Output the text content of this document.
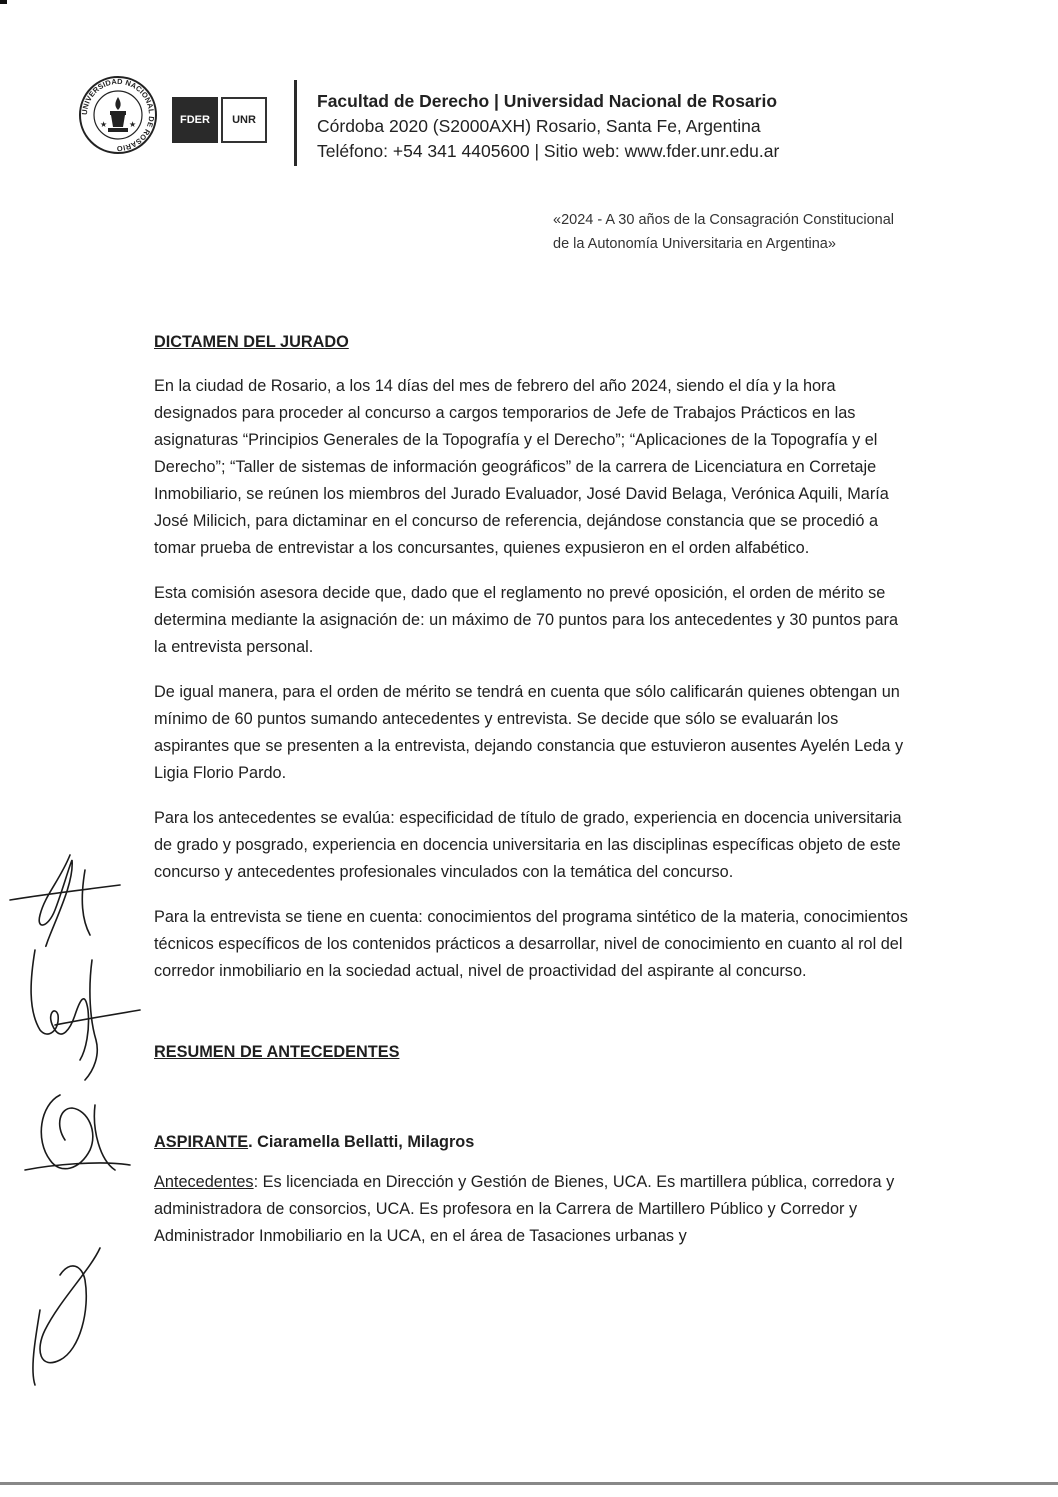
UNIVERSIDAD NACIONAL DE ROSARIO
★	★	FDER	UNR
Facultad de Derecho | Universidad Nacional de Rosario
Córdoba 2020 (S2000AXH) Rosario, Santa Fe, Argentina
Teléfono: +54 341 4405600 | Sitio web: www.fder.unr.edu.ar
«2024 - A 30 años de la Consagración Constitucional
de la Autonomía Universitaria en Argentina»

DICTAMEN DEL JURADO

En la ciudad de Rosario, a los 14 días del mes de febrero del año 2024, siendo el día y la hora designados para proceder al concurso a cargos temporarios de Jefe de Trabajos Prácticos en las asignaturas “Principios Generales de la Topografía y el Derecho”; “Aplicaciones de la Topografía y el Derecho”; “Taller de sistemas de información geográficos” de la carrera de Licenciatura en Corretaje Inmobiliario, se reúnen los miembros del Jurado Evaluador, José David Belaga, Verónica Aquili, María José Milicich, para dictaminar en el concurso de referencia, dejándose constancia que se procedió a tomar prueba de entrevistar a los concursantes, quienes expusieron en el orden alfabético.

Esta comisión asesora decide que, dado que el reglamento no prevé oposición, el orden de mérito se determina mediante la asignación de: un máximo de 70 puntos para los antecedentes y 30 puntos para la entrevista personal.

De igual manera, para el orden de mérito se tendrá en cuenta que sólo calificarán quienes obtengan un mínimo de 60 puntos sumando antecedentes y entrevista. Se decide que sólo se evaluarán los aspirantes que se presenten a la entrevista, dejando constancia que estuvieron ausentes Ayelén Leda y Ligia Florio Pardo.

Para los antecedentes se evalúa: especificidad de título de grado, experiencia en docencia universitaria de grado y posgrado, experiencia en docencia universitaria en las disciplinas específicas objeto de este concurso y antecedentes profesionales vinculados con la temática del concurso.

Para la entrevista se tiene en cuenta: conocimientos del programa sintético de la materia, conocimientos técnicos específicos de los contenidos prácticos a desarrollar, nivel de conocimiento en cuanto al rol del corredor inmobiliario en la sociedad actual, nivel de proactividad del aspirante al concurso.

RESUMEN DE ANTECEDENTES

ASPIRANTE. Ciaramella Bellatti, Milagros

Antecedentes: Es licenciada en Dirección y Gestión de Bienes, UCA. Es martillera pública, corredora y administradora de consorcios, UCA. Es profesora en la Carrera de Martillero Público y Corredor y Administrador Inmobiliario en la UCA, en el área de Tasaciones urbanas y
